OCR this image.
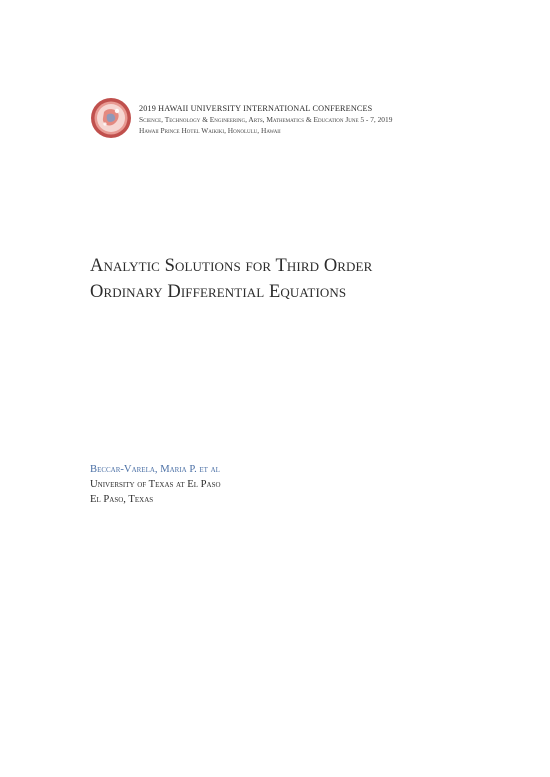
2019 HAWAII UNIVERSITY INTERNATIONAL CONFERENCES
Science, Technology & Engineering, Arts, Mathematics & Education June 5 - 7, 2019
Hawaii Prince Hotel Waikiki, Honolulu, Hawaii
Analytic Solutions for Third Order
Ordinary Differential Equations
Beccar-Varela, Maria P. et al
University of Texas at El Paso
El Paso, Texas
